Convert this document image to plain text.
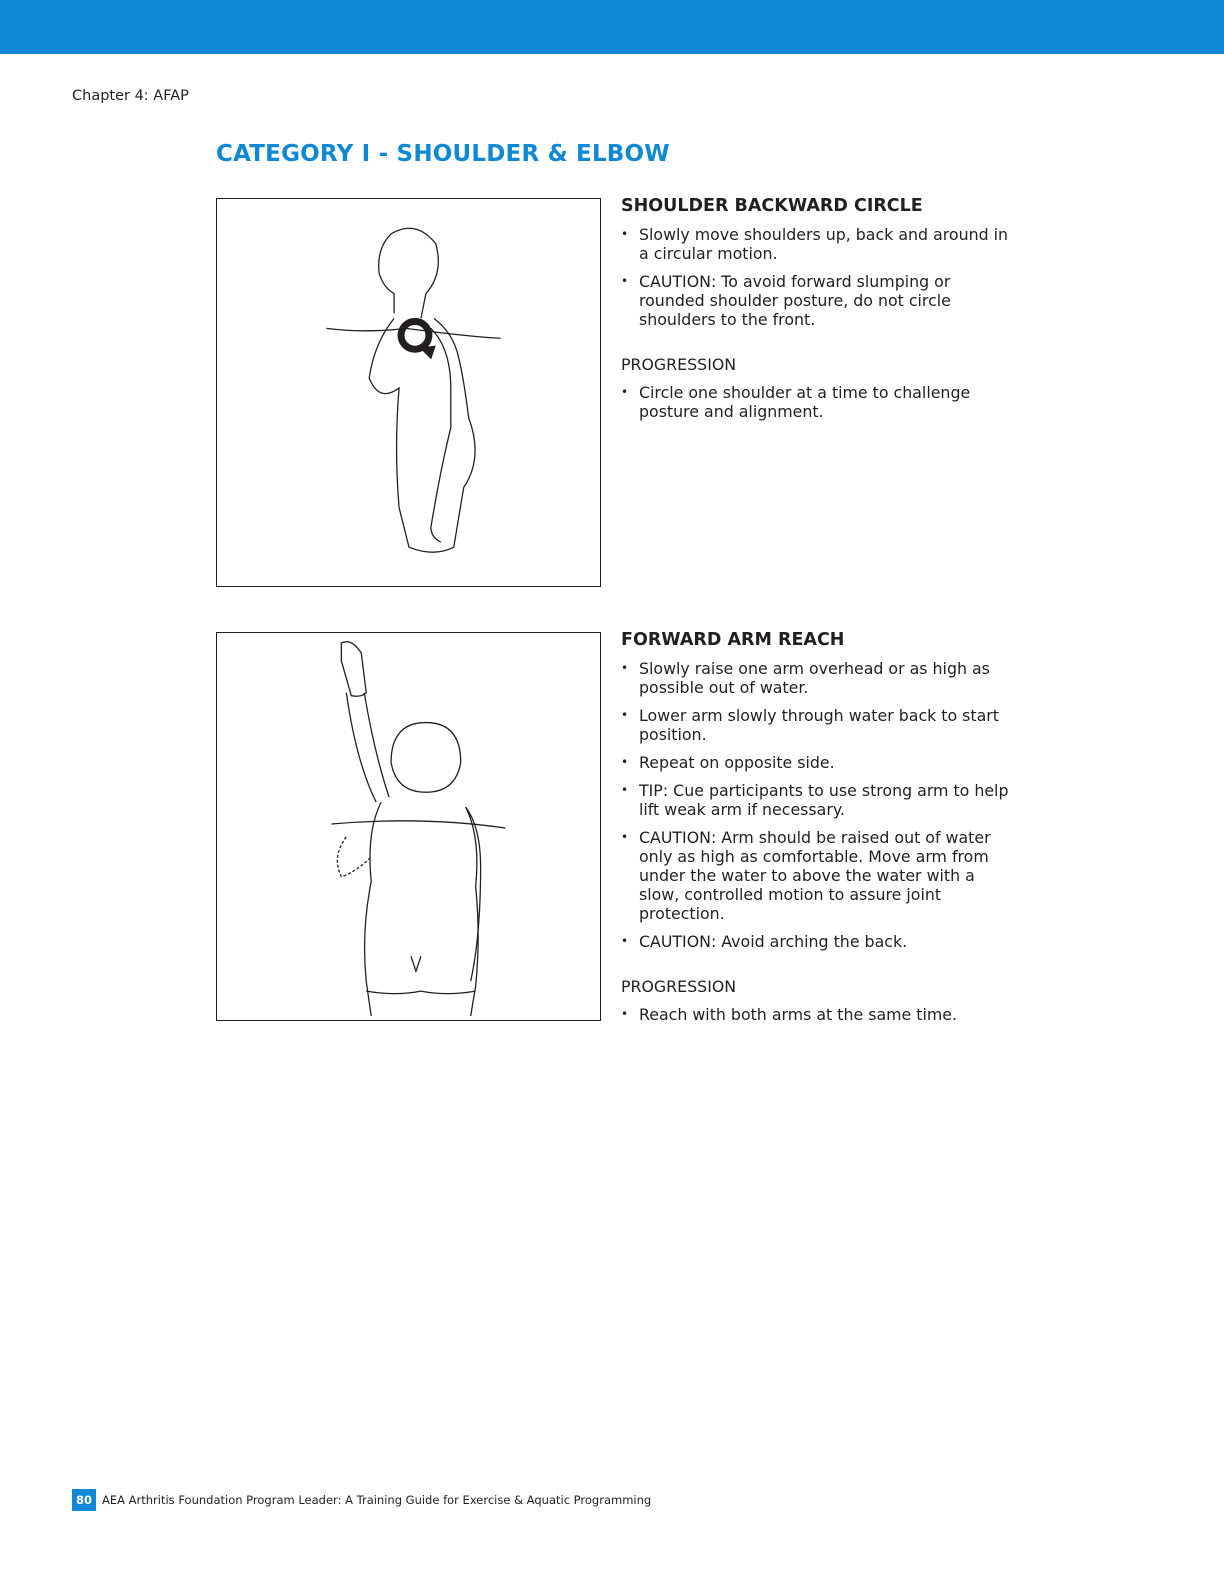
Chapter 4: AFAP
CATEGORY I - SHOULDER & ELBOW
SHOULDER BACKWARD CIRCLE
• Slowly move shoulders up, back and around in a circular motion.
• CAUTION: To avoid forward slumping or rounded shoulder posture, do not circle shoulders to the front.
PROGRESSION
• Circle one shoulder at a time to challenge posture and alignment.
FORWARD ARM REACH
• Slowly raise one arm overhead or as high as possible out of water.
• Lower arm slowly through water back to start position.
• Repeat on opposite side.
• TIP: Cue participants to use strong arm to help lift weak arm if necessary.
• CAUTION: Arm should be raised out of water only as high as comfortable. Move arm from under the water to above the water with a slow, controlled motion to assure joint protection.
• CAUTION: Avoid arching the back.
PROGRESSION
• Reach with both arms at the same time.
80 AEA Arthritis Foundation Program Leader: A Training Guide for Exercise & Aquatic Programming
